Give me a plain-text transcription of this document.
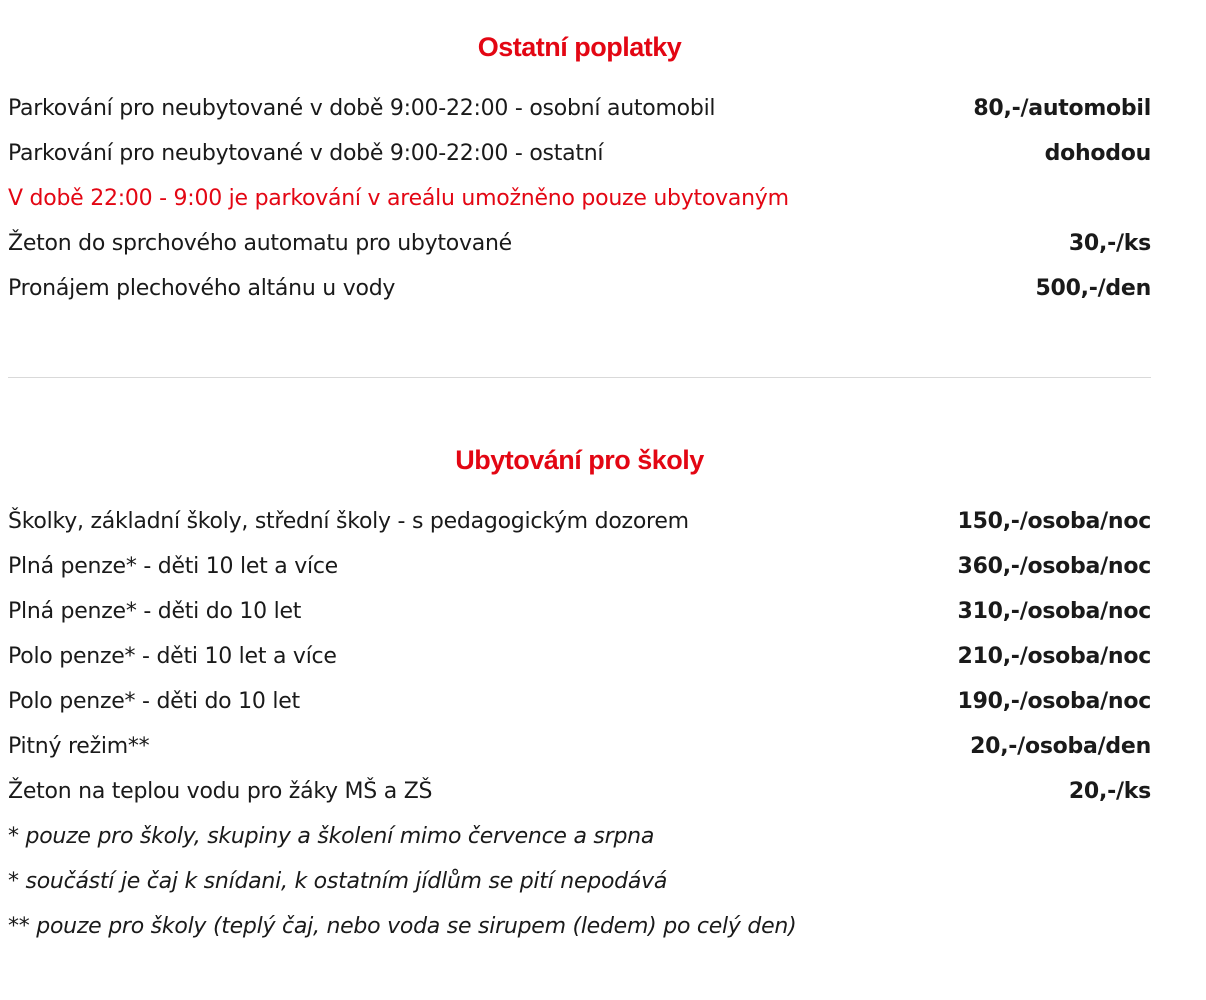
Ostatní poplatky
Parkování pro neubytované v době 9:00-22:00 - osobní automobil	80,-/automobil
Parkování pro neubytované v době 9:00-22:00 - ostatní	dohodou
V době 22:00 - 9:00 je parkování v areálu umožněno pouze ubytovaným
Žeton do sprchového automatu pro ubytované	30,-/ks
Pronájem plechového altánu u vody	500,-/den
Ubytování pro školy
Školky, základní školy, střední školy - s pedagogickým dozorem	150,-/osoba/noc
Plná penze* - děti 10 let a více	360,-/osoba/noc
Plná penze* - děti do 10 let	310,-/osoba/noc
Polo penze* - děti 10 let a více	210,-/osoba/noc
Polo penze* - děti do 10 let	190,-/osoba/noc
Pitný režim**	20,-/osoba/den
Žeton na teplou vodu pro žáky MŠ a ZŠ	20,-/ks
* pouze pro školy, skupiny a školení mimo července a srpna
* součástí je čaj k snídani, k ostatním jídlům se pití nepodává
** pouze pro školy (teplý čaj, nebo voda se sirupem (ledem) po celý den)
